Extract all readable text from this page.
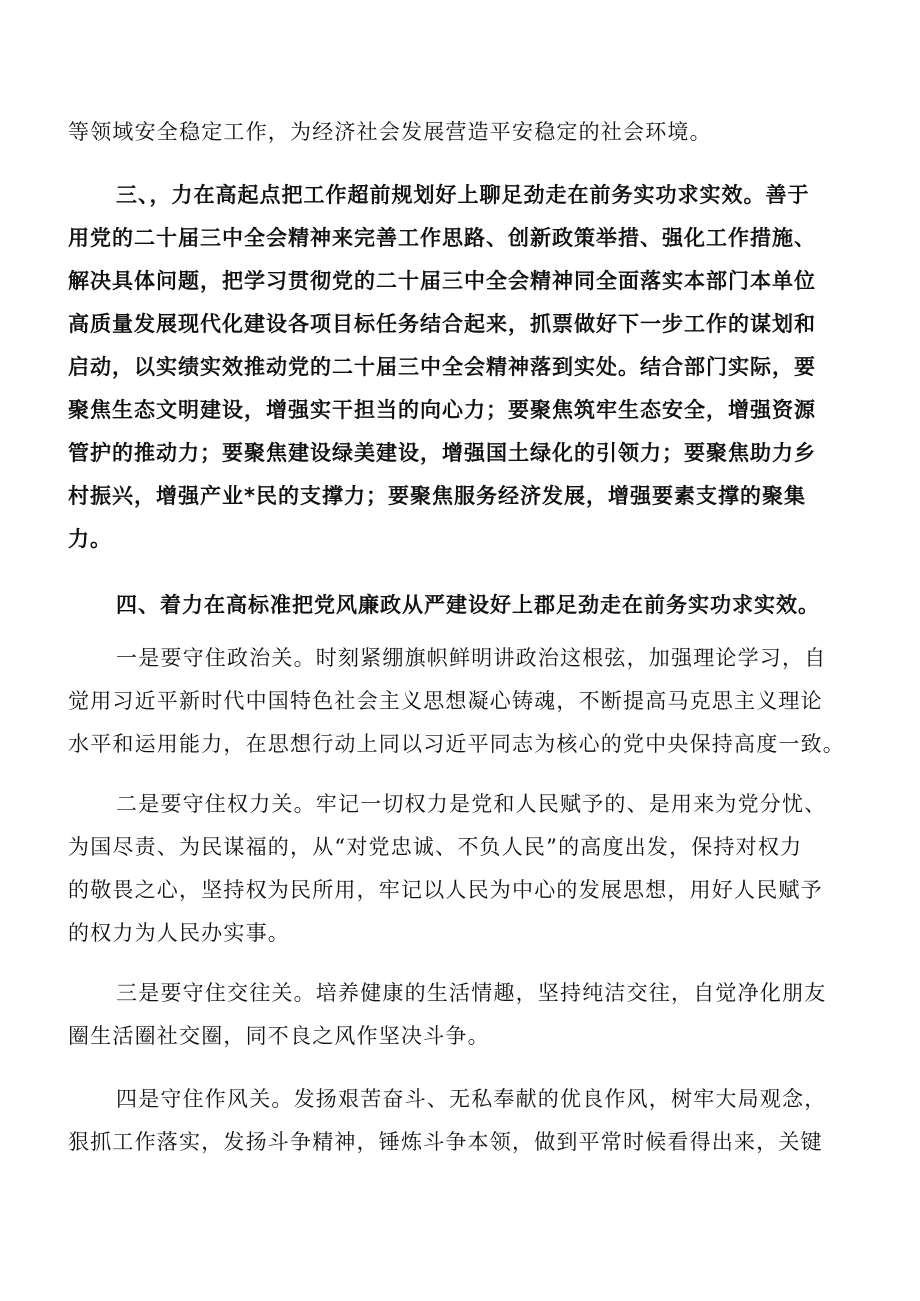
等领域安全稳定工作，为经济社会发展营造平安稳定的社会环境。
三、，力在高起点把工作超前规划好上聊足劲走在前务实功求实效。善于
用党的二十届三中全会精神来完善工作思路、创新政策举措、强化工作措施、
解决具体问题，把学习贯彻党的二十届三中全会精神同全面落实本部门本单位
高质量发展现代化建设各项目标任务结合起来，抓票做好下一步工作的谋划和
启动，以实绩实效推动党的二十届三中全会精神落到实处。结合部门实际，要
聚焦生态文明建设，增强实干担当的向心力；要聚焦筑牢生态安全，增强资源
管护的推动力；要聚焦建设绿美建设，增强国土绿化的引领力；要聚焦助力乡
村振兴，增强产业*民的支撑力；要聚焦服务经济发展，增强要素支撑的聚集
力。
四、着力在高标准把党风廉政从严建设好上郡足劲走在前务实功求实效。
一是要守住政治关。时刻紧绷旗帜鲜明讲政治这根弦，加强理论学习，自
觉用习近平新时代中国特色社会主义思想凝心铸魂，不断提高马克思主义理论
水平和运用能力，在思想行动上同以习近平同志为核心的党中央保持高度一致。
二是要守住权力关。牢记一切权力是党和人民赋予的、是用来为党分忧、
为国尽责、为民谋福的，从“对党忠诚、不负人民”的高度出发，保持对权力
的敬畏之心，坚持权为民所用，牢记以人民为中心的发展思想，用好人民赋予
的权力为人民办实事。
三是要守住交往关。培养健康的生活情趣，坚持纯洁交往，自觉净化朋友
圈生活圈社交圈，同不良之风作坚决斗争。
四是守住作风关。发扬艰苦奋斗、无私奉献的优良作风，树牢大局观念，
狠抓工作落实，发扬斗争精神，锤炼斗争本领，做到平常时候看得出来，关键
